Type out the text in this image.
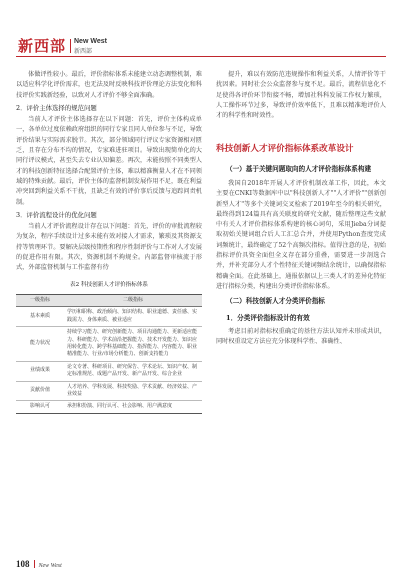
新西部 New West
新西部

体做评性较小。最后，评价指标体系未能建立动态调整机制，难以适应科学化评价需求，也无法及时反映科技评价理论方法变化和科技评价实践新经验，以致对人才评价不够全面准确。

2．评价主体选择的规范问题

当前人才评价主体选择存在以下问题：首先，评价主体构成单一，各单位过度依赖政府组织的同行专家且同人单位参与不足，导致评价结果与实际需求脱节。其次，部分领域同行评议专家资源相对匮乏，且存在分布不均的情况，专家难进驻项目。导致出现简单化的大同行评议模式，甚至失去专业认知偏差。再次，未能按照不同类型人才的科技创新特征选择合配置评价主体，难以精准衡量人才在不同领域的特殊贡献。最后，评价主体的监督机制发展作用不足，既在利益冲突回到利益关系不干扰，且缺乏有效的评价事后反馈与追踪问责机制。

3．评价流程设计的优化问题

当前人才评价流程设计存在以下问题：首先，评价的审批流程较为复杂，程序手续设计过多未能有效对接人才需求，繁琐及其资源支持等管理环节。要解决层级按期性和程序性制评价与工作对人才发展的促进作用有限。其次，资源机制不夠规全。内部监督审核流于形式，外部监督机制与工作监督有待

表2 科技创新人才评价指标体系
一级指标	二级指标
基本素质	学历和职称、政治倾向、知识结构、职业道德、责任感、实践需力、身体素质、被业适应
能力状况	持续学习能力、研究创新能力、项目沟通能力、更新适应能力、科研能力、学术前沿把握能力、技术开发能力、知识应用转化能力、跨学科基础能力、指挥能力、内容能力、职业精准能力、行业/市场分析能力、创新支持能力
业绩成果	论文专著、科研项目、研究保告、学术论坛、知识产权、制定标准规范、成题产品开发、新产品开发、综合企业
贡献价值	人才培养、学科发展、科技奖励、学术贡献、经济效益、产业效益
影响认可	承担和扮演、同行认可、社会影响、用户满意度

提升，难以有效防范违规操作和利益关系，人情评价等干扰因素。同时社会公众监督参与度不足。最后，流程信息化不足使得各评价环节衔接不畅，增加社科科发展工作权力繁琐，人工操作环节过多，导致评价效率低下，且难以精准地评价人才的科学性和时效性。

科技创新人才评价指标体系改革设计

（一）基于关键问题取向的人才评价指标体系构建

我国自2018年开展人才评价机制改革工作，因此，本文主要在CNKI等数据库中以"科技创新人才""人才评价""创新创新型人才"等多个关键词交叉检索了2019年至今的相关研究，最终得到124篇具有高关联度的研究文献，随后整理这些文献中有关人才评价指标体系构建的核心词句，采用Jieba分词提取初始关键词组合后人工汇总合并，并使用Python查度完成词频统计，最终确定了52个高频次指标。值得注意的是，初始指标评价具资全面但全义存在部分重叠，需要进一步剖选合并，并补充部分人才个性特征关键词频结余统计，以确保指标精确全面。在此基础上，通报依据以上三类人才的差异化特征进行指标分类，构建出分类评价指标体系。

（二）科技创新人才分类评价指标

1．分类评价指标设计的有效

考虑目前对指标权重确定的基往方法认知并未形成共识，同时权重设定方法应充分体现科学性、准确性、

108 New West
